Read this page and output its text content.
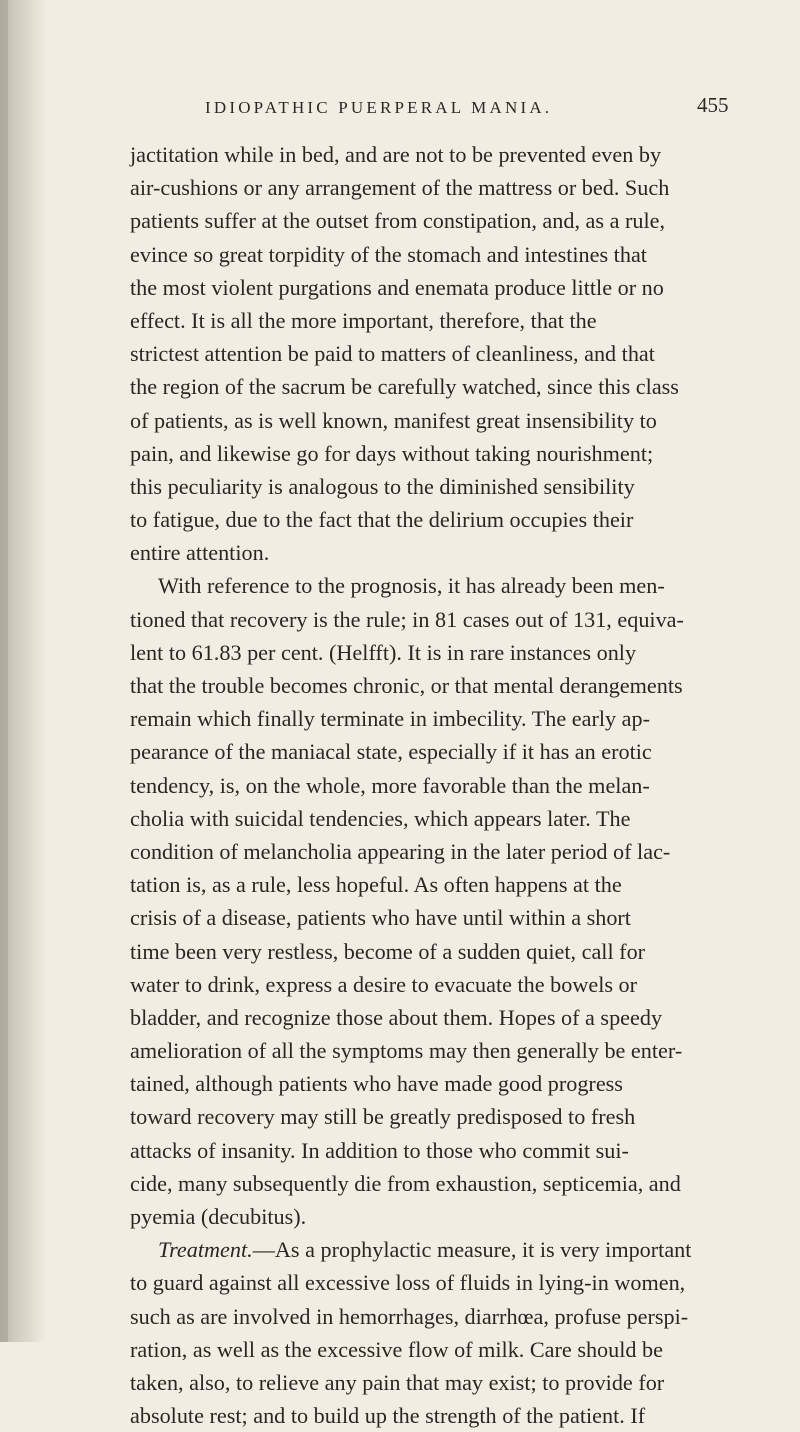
IDIOPATHIC PUERPERAL MANIA.	455
jactitation while in bed, and are not to be prevented even by
air-cushions or any arrangement of the mattress or bed. Such
patients suffer at the outset from constipation, and, as a rule,
evince so great torpidity of the stomach and intestines that
the most violent purgations and enemata produce little or no
effect. It is all the more important, therefore, that the
strictest attention be paid to matters of cleanliness, and that
the region of the sacrum be carefully watched, since this class
of patients, as is well known, manifest great insensibility to
pain, and likewise go for days without taking nourishment;
this peculiarity is analogous to the diminished sensibility
to fatigue, due to the fact that the delirium occupies their
entire attention.
With reference to the prognosis, it has already been men-
tioned that recovery is the rule; in 81 cases out of 131, equiva-
lent to 61.83 per cent. (Helfft). It is in rare instances only
that the trouble becomes chronic, or that mental derangements
remain which finally terminate in imbecility. The early ap-
pearance of the maniacal state, especially if it has an erotic
tendency, is, on the whole, more favorable than the melan-
cholia with suicidal tendencies, which appears later. The
condition of melancholia appearing in the later period of lac-
tation is, as a rule, less hopeful. As often happens at the
crisis of a disease, patients who have until within a short
time been very restless, become of a sudden quiet, call for
water to drink, express a desire to evacuate the bowels or
bladder, and recognize those about them. Hopes of a speedy
amelioration of all the symptoms may then generally be enter-
tained, although patients who have made good progress
toward recovery may still be greatly predisposed to fresh
attacks of insanity. In addition to those who commit sui-
cide, many subsequently die from exhaustion, septicemia, and
pyemia (decubitus).
Treatment.—As a prophylactic measure, it is very important
to guard against all excessive loss of fluids in lying-in women,
such as are involved in hemorrhages, diarrhœa, profuse perspi-
ration, as well as the excessive flow of milk. Care should be
taken, also, to relieve any pain that may exist; to provide for
absolute rest; and to build up the strength of the patient. If
